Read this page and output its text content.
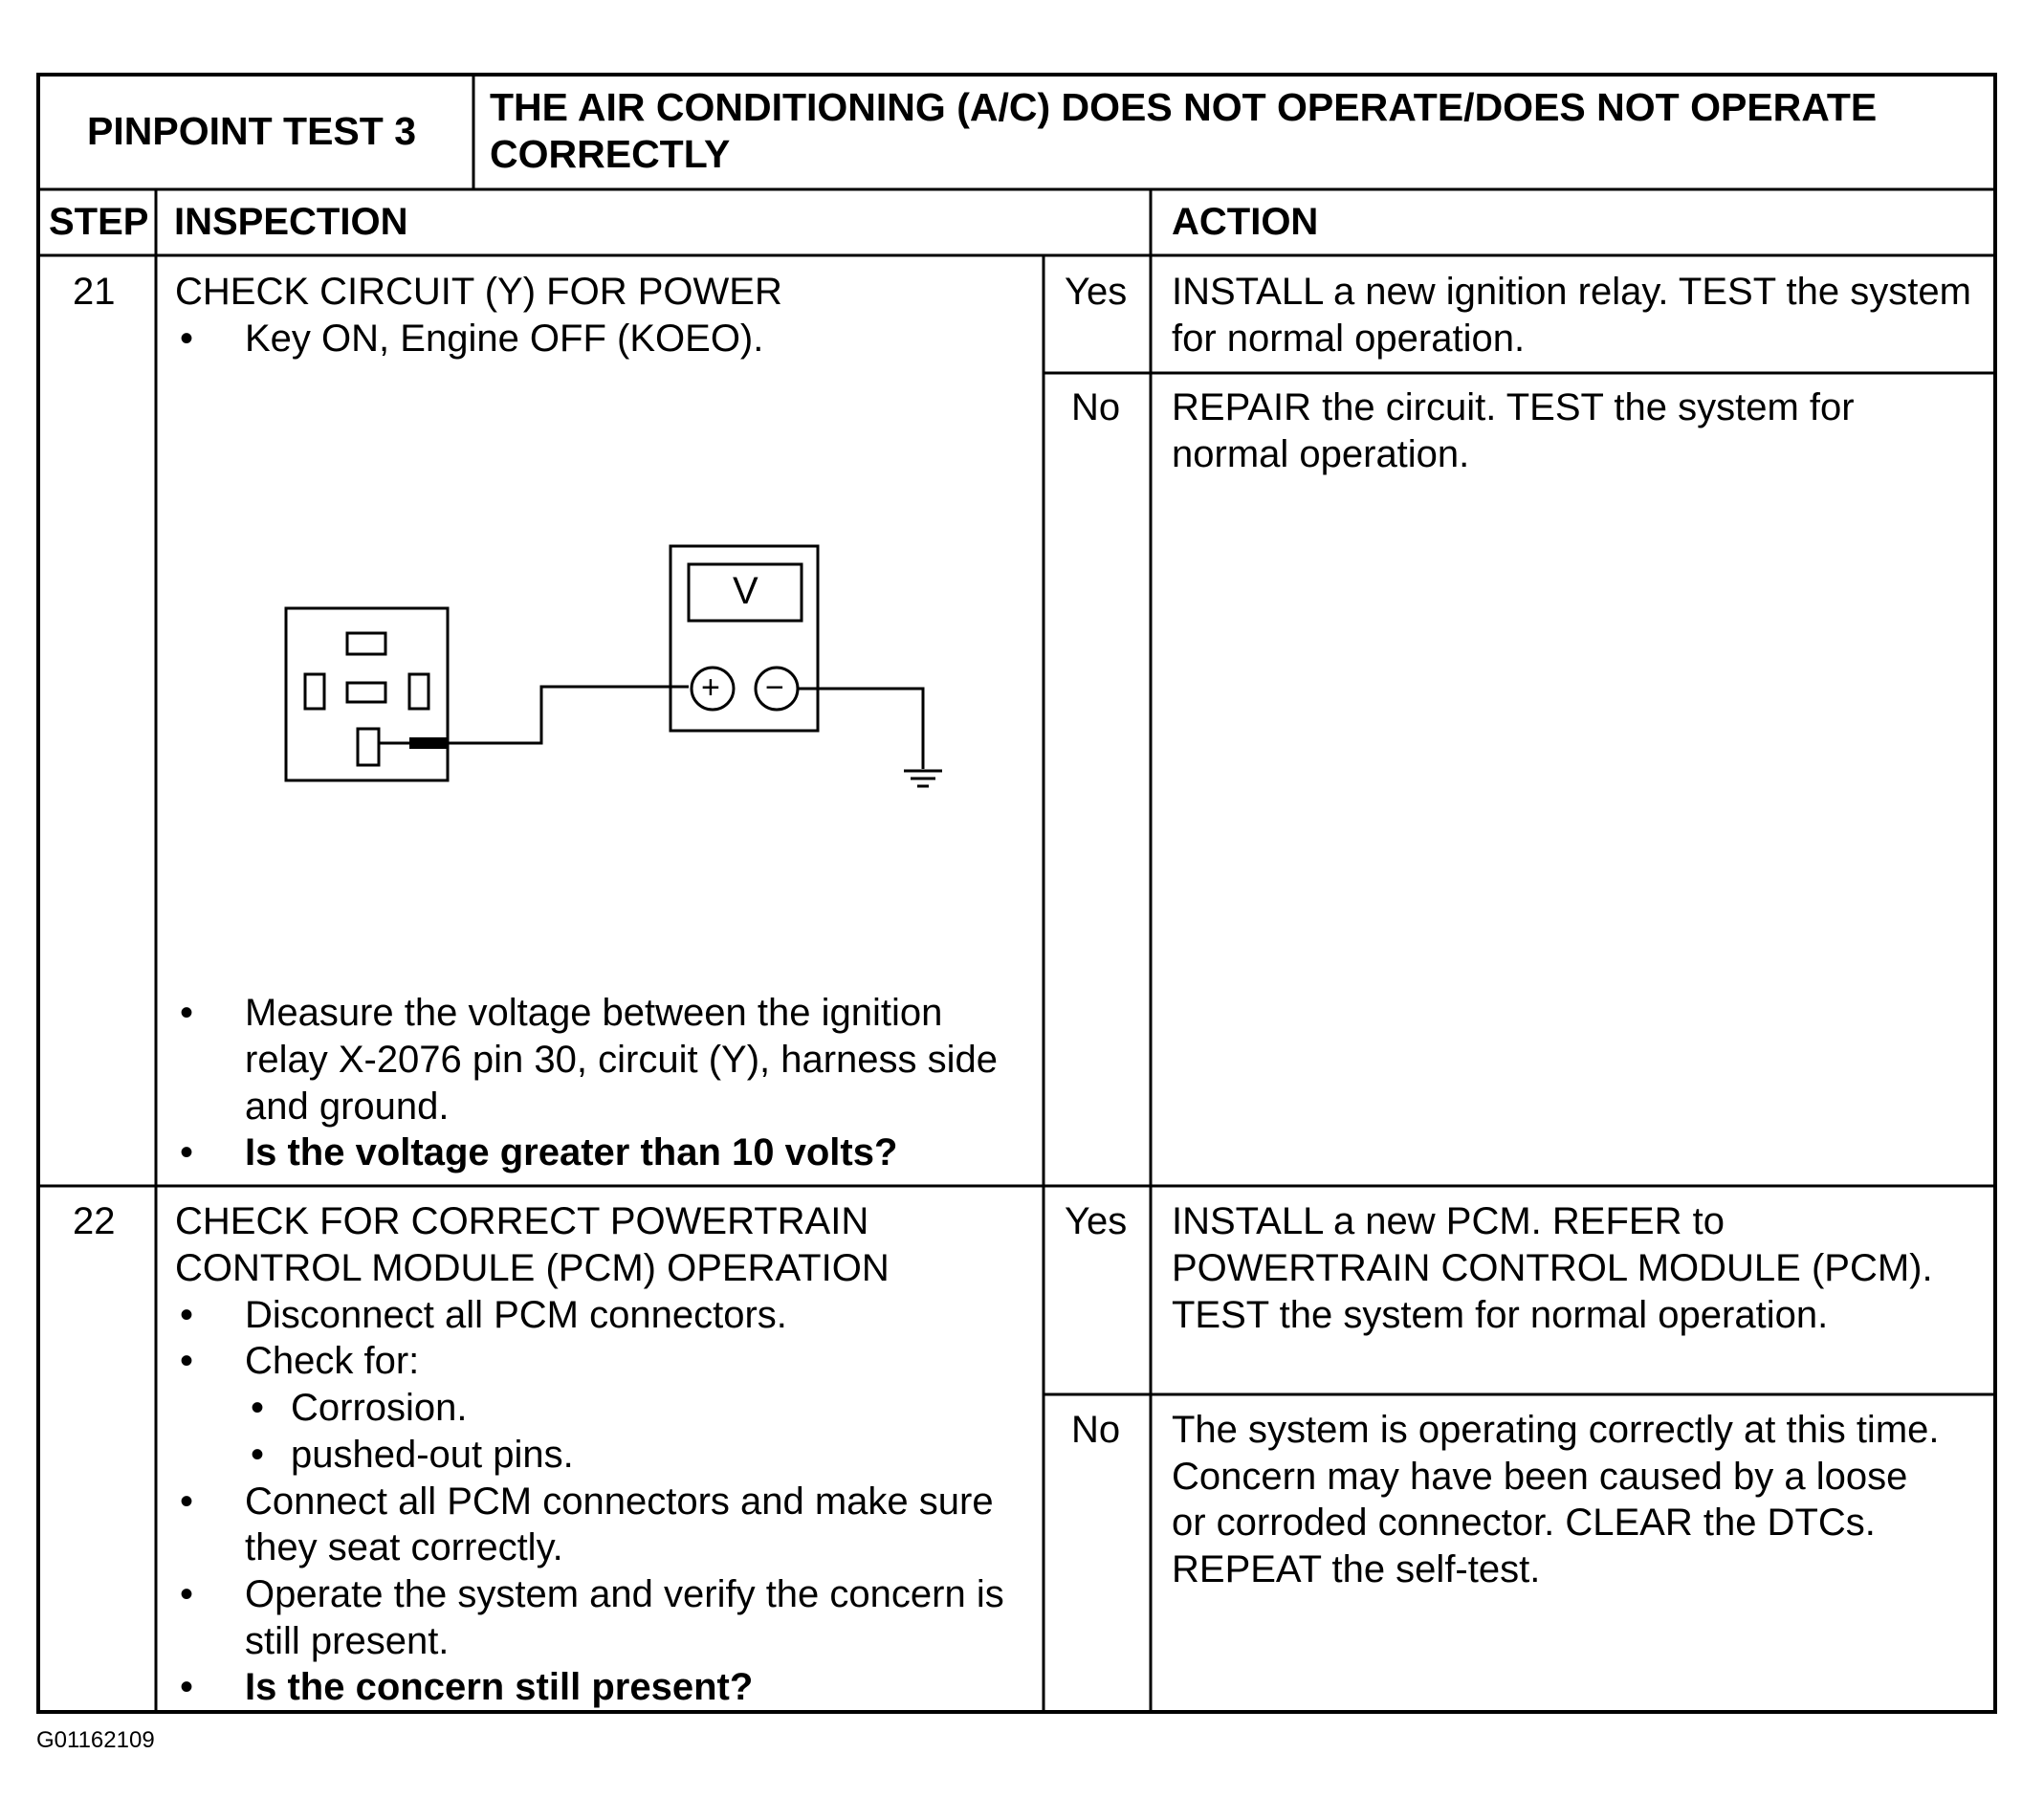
PINPOINT TEST 3
THE AIR CONDITIONING (A/C) DOES NOT OPERATE/DOES NOT OPERATE
CORRECTLY
STEP INSPECTION	ACTION
21 CHECK CIRCUIT (Y) FOR POWER
• Key ON, Engine OFF (KOEO).
V
+ −
• Measure the voltage between the ignition
relay X-2076 pin 30, circuit (Y), harness side
and ground.
• Is the voltage greater than 10 volts?
Yes INSTALL a new ignition relay. TEST the system
for normal operation.
No REPAIR the circuit. TEST the system for
normal operation.
22 CHECK FOR CORRECT POWERTRAIN
CONTROL MODULE (PCM) OPERATION
• Disconnect all PCM connectors.
• Check for:
• Corrosion.
• pushed-out pins.
• Connect all PCM connectors and make sure
they seat correctly.
• Operate the system and verify the concern is
still present.
• Is the concern still present?
Yes INSTALL a new PCM. REFER to
POWERTRAIN CONTROL MODULE (PCM).
TEST the system for normal operation.
No The system is operating correctly at this time.
Concern may have been caused by a loose
or corroded connector. CLEAR the DTCs.
REPEAT the self-test.
G01162109
